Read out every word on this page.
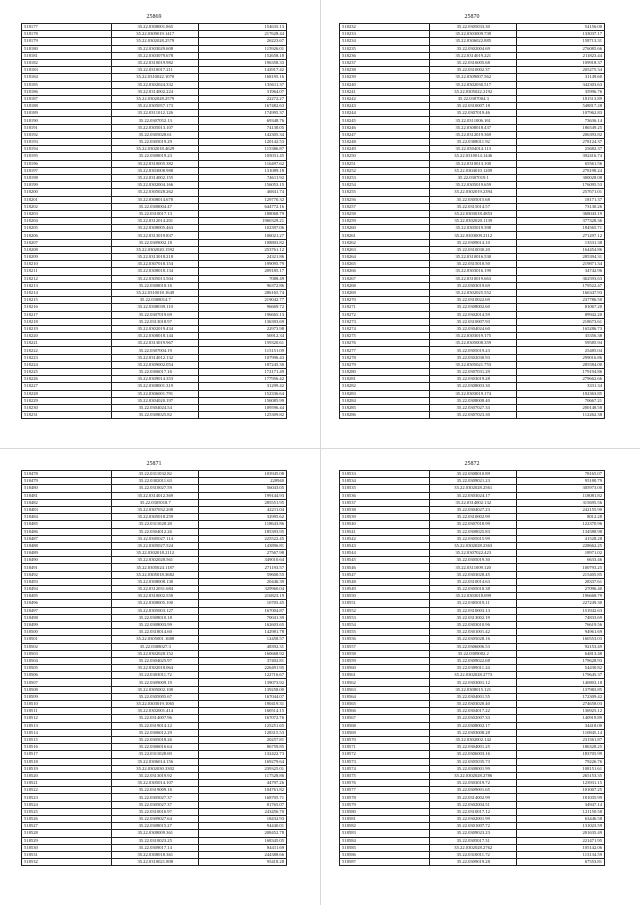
25869
518177	35.22.0308001.865	154635.13
518178	35.22.0309019.1417	217628.44
518179	35.22.0302028.2579	26223.67
518180	35.22.0303029.608	115926.01
518181	35.22.0303079.678	152658.18
518182	35.22.0310019.982	196358.33
518183	35.22.0310017.211	142917.42
518184	35.22.0310022.1070	168195.16
518185	35.22.0302024.332	135611.37
518186	35.22.0314002.224	31964.07
518187	35.22.0302028.2579	22272.27
518188	35.22.0305057.173	167482.63
518189	35.22.0311012.126	174995.37
518190	35.22.0307052.13	69348.76
518191	35.22.0305013.107	74138.05
518192	35.22.0305028.61	142305.34
518193	35.22.0305019.29	120142.53
518194	35.22.0302018.4629	115386.87
518195	35.22.0308019.23	105031.45
518196	35.22.0310005.382	116497.62
518197	35.22.0303008.988	131089.18
518198	35.22.0314002.155	74611.92
518199	35.22.0302004.166	156053.15
518200	35.22.0305028.262	46841.74
518201	35.22.0308014.678	129770.32
518202	35.22.0308004.47	644772.16
518203	35.22.0310017.13	188068.79
518204	35.22.0312014.201	1960329.21
518205	35.22.0308005.463	102397.06
518206	35.22.0313019.837	106021.27
518207	35.22.0309002.18	108803.82
518208	35.22.0302020.1592	253761.12
518209	35.22.0313018.218	24321.86
518210	35.22.0307018.154	199095.79
518211	35.22.0308018.134	209185.17
518212	35.22.0305013.504	7088.49
518213	35.22.0308018.16	96372.86
518214	35.22.0310018.1649	286165.74
518215	35.22.0308014.7	219042.77
518216	35.22.0308039.110	96669.72
518217	35.22.0307019.69	196665.13
518218	35.22.0313018.97	136393.69
518219	35.22.0302019.434	22973.98
518220	35.22.0308018.144	56912.34
518221	35.22.0313019.967	159320.61
518222	35.22.0307004.19	115151.09
518223	35.22.0314012.132	107996.43
518224	35.22.0309002.054	187245.30
518225	35.22.0306017.16	172171.49
518226	35.22.0309014.353	177956.42
518227	35.22.0308001.319	31299.42
518228	35.22.0306001.791	152336.64
518229	35.22.0304020.197	156085.99
518230	35.22.0304024.54	109596.44
518231	35.22.0308025.82	125309.82
25870
518232	35.22.0305033.30	54156.00
518233	35.22.0303009.739	133037.17
518234	35.22.0306022.885	158713.31
518235	35.22.0302004.69	276085.66
518236	35.22.0314019.221	211823.44
518237	35.22.0316005.68	109918.37
518238	35.22.0310002.37	205275.34
518239	35.22.0309007.562	31149.60
518240	35.22.0302030.517	342303.63
518241	35.22.0305022.2192	35996.76
518242	35.22.0307004.3	181513.89
518243	35.22.0310007.18	548817.28
518244	35.22.0307019.46	107962.83
518245	35.22.0311006.161	73636.14
518246	35.22.0308018.437	186549.25
518247	35.22.0312019.369	206393.82
518248	35.22.0308011.92	278124.37
518249	35.22.0304014.113	25682.37
518250	35.22.0310014.1446	392416.74
518251	35.22.0310013.100	65561.56
518252	35.22.0304010.1209	278198.24
518253	35.22.0307019.1	300028.08
518254	35.22.0305019.659	176095.53
518255	35.22.0302019.2394	257671.01
518256	35.22.0305015.68	18171.37
518257	35.22.0315014.57	73130.26
518258	35.22.0303018.4853	368043.19
518259	35.22.0302020.1139	377328.36
518260	35.22.0305019.398	184565.71
518261	35.22.0303009.2112	271297.12
518262	35.22.0309014.10	13531.38
518263	35.22.0310030.20	164454.86
518264	35.22.0310016.530	285394.31
518265	35.22.0315010.50	219871.34
518266	35.22.0303016.199	34742.96
518267	35.22.0310019.663	362593.63
518268	35.22.0303019.69	179522.47
518269	35.22.0302025.552	166347.93
518270	35.22.0310022.69	237786.50
518271	35.22.0308002.60	81067.20
518272	35.22.0302014.59	89942.20
518273	35.22.0310007.93	218673.61
518274	35.22.0304024.60	165286.73
518275	35.22.0303019.175	35356.38
518276	35.22.0305008.359	59585.94
518277	35.22.0305019.23	25485.04
518278	35.22.0302030.93	299016.86
518279	35.22.0305021.753	285584.00
518280	35.22.0307031.29	179194.86
518281	35.22.0303019.28	279662.66
518282	35.22.0308003.30	3331.34
518283	35.22.0303019.174	102363.85
518284	35.22.0308008.40	70667.21
518285	35.22.0307027.33	200148.58
518286	35.22.0307023.30	112262.38
25871
518478	35.22.0311032.82	103945.08
518479	35.22.0302011.63	220940
518480	35.22.0310027.59	56043.05
518481	35.22.0314012.369	199144.93
518482	35.22.0305018.7	285551.95
518483	35.22.0307032.208	42211.04
518484	35.22.0305018.259	32995.62
518485	35.22.0311028.28	118643.86
518486	35.22.0304012.26	185393.95
518487	35.22.0305027.114	225522.45
518488	35.22.0305027.524	143896.81
518489	35.22.0302018.2112	27567.98
518490	35.22.0302028.561	349010.64
518491	35.22.0305024.1187	271193.57
518492	35.22.0305018.3682	59600.55
518493	35.22.0308008.130	20446.39
518494	35.22.0312031.684	329960.04
518495	35.22.0310002.550	216823.19
518496	35.22.0308005.100	10705.45
518497	35.22.0305003.127	167004.87
518498	35.22.0308010.18	70041.39
518499	35.22.0308003.99	162603.65
518500	35.22.0318014.60	142981.78
518501	35.22.0305001.1688	12458.57
518502	35.22.0308027.3	48392.31
518503	35.22.0302028.152	160668.92
518504	35.22.0304025.97	37402.81
518505	35.22.0302018.064	226491.95
518506	35.22.0303011.72	122716.67
518507	35.22.0309009.19	139073.92
518508	35.22.0305002.100	139258.00
518509	35.22.0305005.67	167044.07
518510	35.22.0303019.1065	190419.31
518511	35.22.0302001.414	160514.15
518512	35.22.0314007.96	167072.76
518513	35.22.0319014.12	125251.65
518514	35.22.0306012.29	128315.53
518515	35.22.0305018.26	20257.81
518516	35.22.0306016.64	86759.85
518517	35.22.0311028.69	132422.73
518518	35.22.0306014.156	169279.64
518519	35.22.0302030.3302	239325.01
518520	35.22.0313019.92	117528.86
518521	35.22.0305014.107	44797.26
518522	35.22.0319009.16	104761.82
518523	35.22.0305027.37	168705.71
518524	35.22.0305027.37	81765.07
518525	35.22.0310016.97	243456.70
518526	35.22.0309027.64	18432.93
518527	35.22.0308015.27	94440.01
518528	35.22.0308009.361	208452.78
518529	35.22.0310023.25	168345.05
518530	35.22.0309017.14	84411.69
518531	35.22.0308018.361	244388.66
518532	35.22.0310021.808	95418.28
25872
518533	35.22.0308010.89	78165.07
518534	35.22.0309021.23	95180.79
518535	35.22.0302028.2561	305973.00
518536	35.22.0303024.17	118081.82
518537	35.22.0314002.132	315695.56
518538	35.22.0304027.23	242155.90
518539	35.22.0310002.99	8012.28
518540	35.22.0307018.99	122370.96
518541	35.22.0308025.83	134588.98
518542	35.22.0305015.99	41528.28
518543	35.22.0302028.2363	228662.25
518544	35.22.0307022.423	18971.02
518545	35.22.0305019.30	6633.46
518546	35.22.0311009.120	100793.25
518547	35.22.0303028.45	215405.85
518548	35.22.0310014.63	28337.61
518549	35.22.0305018.38	27096.40
518550	35.22.0303018.099	196668.79
518551	35.22.0305019.11	227249.30
518552	35.22.0310003.13	151942.63
518553	35.22.0313002.19	74833.69
518554	35.22.0303010.96	76619.56
518555	35.22.0301001.42	94961.69
518556	35.22.0305028.16	160553.03
518557	35.22.0306006.53	92153.49
518558	35.22.0309002.2	64813.48
518559	35.22.0309022.68	179628.93
518560	35.22.0309011.24	54430.82
518561	35.22.0302028.2773	179645.37
518562	35.22.0303001.12	140803.18
518563	35.22.0308015.121	137983.85
518564	35.22.0304001.55	172309.42
518565	35.22.0303020.40	274658.03
518566	35.22.0304017.22	136925.12
518567	35.22.0302007.33	140919.89
518568	35.22.0308002.17	34418.00
518569	35.22.0303008.28	110845.14
518570	35.22.0302002.142	231561.87
518571	35.22.0304001.25	186328.25
518572	35.22.0306003.16	183705.99
518573	35.22.0305035.73	79226.76
518574	35.22.0308001.99	108151.61
518575	35.22.0302028.2786	265153.35
518576	35.22.0303019.72	123931.15
518577	35.22.0309001.65	101007.25
518578	35.22.0314002.99	181035.99
518579	35.22.0302004.51	34947.14
518580	35.22.0310017.12	121150.58
518581	35.22.0302001.99	63446.58
518582	35.22.0301007.72	131023.59
518583	35.22.0309023.23	201635.49
518584	35.22.0305017.31	221471.95
518585	35.22.0302028.2762	105142.06
518586	35.22.0310011.72	113134.59
518587	35.22.0309019.28	67553.81
